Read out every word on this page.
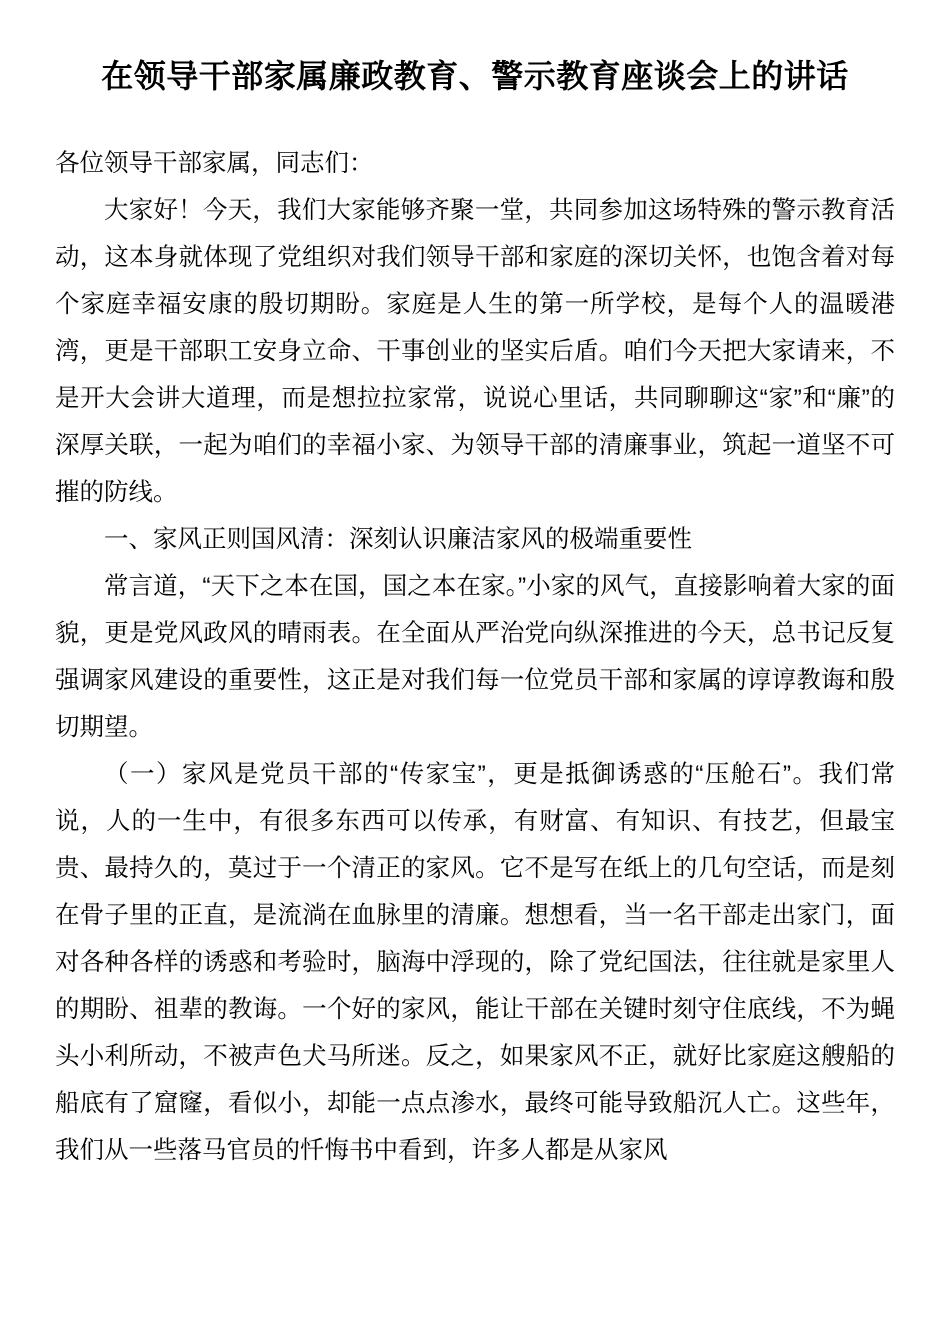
在领导干部家属廉政教育、警示教育座谈会上的讲话

各位领导干部家属，同志们：

大家好！今天，我们大家能够齐聚一堂，共同参加这场特殊的警示教育活动，这本身就体现了党组织对我们领导干部和家庭的深切关怀，也饱含着对每个家庭幸福安康的殷切期盼。家庭是人生的第一所学校，是每个人的温暖港湾，更是干部职工安身立命、干事创业的坚实后盾。咱们今天把大家请来，不是开大会讲大道理，而是想拉拉家常，说说心里话，共同聊聊这“家”和“廉”的深厚关联，一起为咱们的幸福小家、为领导干部的清廉事业，筑起一道坚不可摧的防线。

一、家风正则国风清：深刻认识廉洁家风的极端重要性

常言道，“天下之本在国，国之本在家。”小家的风气，直接影响着大家的面貌，更是党风政风的晴雨表。在全面从严治党向纵深推进的今天，总书记反复强调家风建设的重要性，这正是对我们每一位党员干部和家属的谆谆教诲和殷切期望。

（一）家风是党员干部的“传家宝”，更是抵御诱惑的“压舱石”。我们常说，人的一生中，有很多东西可以传承，有财富、有知识、有技艺，但最宝贵、最持久的，莫过于一个清正的家风。它不是写在纸上的几句空话，而是刻在骨子里的正直，是流淌在血脉里的清廉。想想看，当一名干部走出家门，面对各种各样的诱惑和考验时，脑海中浮现的，除了党纪国法，往往就是家里人的期盼、祖辈的教诲。一个好的家风，能让干部在关键时刻守住底线，不为蝇头小利所动，不被声色犬马所迷。反之，如果家风不正，就好比家庭这艘船的船底有了窟窿，看似小，却能一点点渗水，最终可能导致船沉人亡。这些年，我们从一些落马官员的忏悔书中看到，许多人都是从家风
